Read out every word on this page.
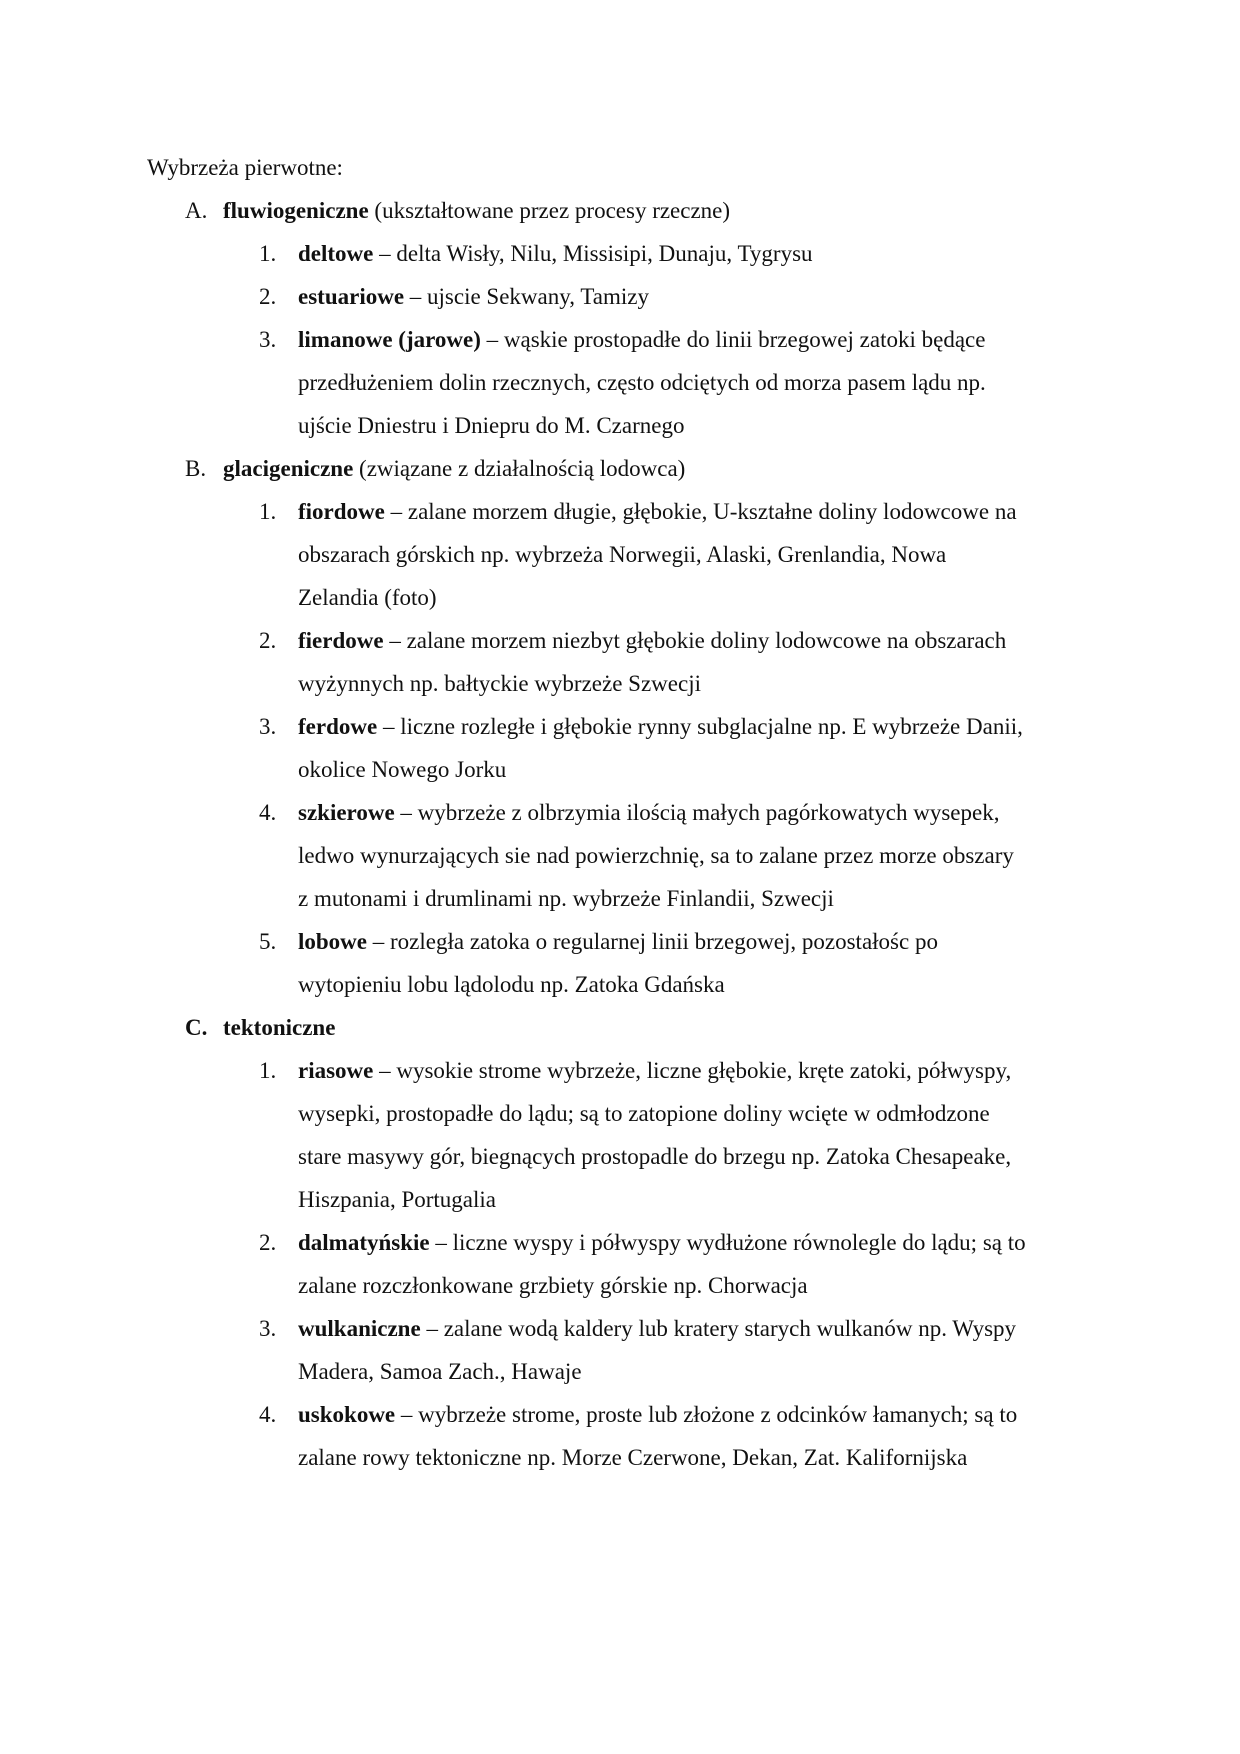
Wybrzeża pierwotne:

A. fluwiogeniczne (ukształtowane przez procesy rzeczne)
1. deltowe – delta Wisły, Nilu, Missisipi, Dunaju, Tygrysu
2. estuariowe – ujscie Sekwany, Tamizy
3. limanowe (jarowe) – wąskie prostopadłe do linii brzegowej zatoki będące
przedłużeniem dolin rzecznych, często odciętych od morza pasem lądu np.
ujście Dniestru i Dniepru do M. Czarnego
B. glacigeniczne (związane z działalnością lodowca)
1. fiordowe – zalane morzem długie, głębokie, U-kształne doliny lodowcowe na
obszarach górskich np. wybrzeża Norwegii, Alaski, Grenlandia, Nowa
Zelandia (foto)
2. fierdowe – zalane morzem niezbyt głębokie doliny lodowcowe na obszarach
wyżynnych np. bałtyckie wybrzeże Szwecji
3. ferdowe – liczne rozległe i głębokie rynny subglacjalne np. E wybrzeże Danii,
okolice Nowego Jorku
4. szkierowe – wybrzeże z olbrzymia ilością małych pagórkowatych wysepek,
ledwo wynurzających sie nad powierzchnię, sa to zalane przez morze obszary
z mutonami i drumlinami np. wybrzeże Finlandii, Szwecji
5. lobowe – rozległa zatoka o regularnej linii brzegowej, pozostałośc po
wytopieniu lobu lądolodu np. Zatoka Gdańska
C. tektoniczne
1. riasowe – wysokie strome wybrzeże, liczne głębokie, kręte zatoki, półwyspy,
wysepki, prostopadłe do lądu; są to zatopione doliny wcięte w odmłodzone
stare masywy gór, biegnących prostopadle do brzegu np. Zatoka Chesapeake,
Hiszpania, Portugalia
2. dalmatyńskie – liczne wyspy i półwyspy wydłużone równolegle do lądu; są to
zalane rozczłonkowane grzbiety górskie np. Chorwacja
3. wulkaniczne – zalane wodą kaldery lub kratery starych wulkanów np. Wyspy
Madera, Samoa Zach., Hawaje
4. uskokowe – wybrzeże strome, proste lub złożone z odcinków łamanych; są to
zalane rowy tektoniczne np. Morze Czerwone, Dekan, Zat. Kalifornijska
